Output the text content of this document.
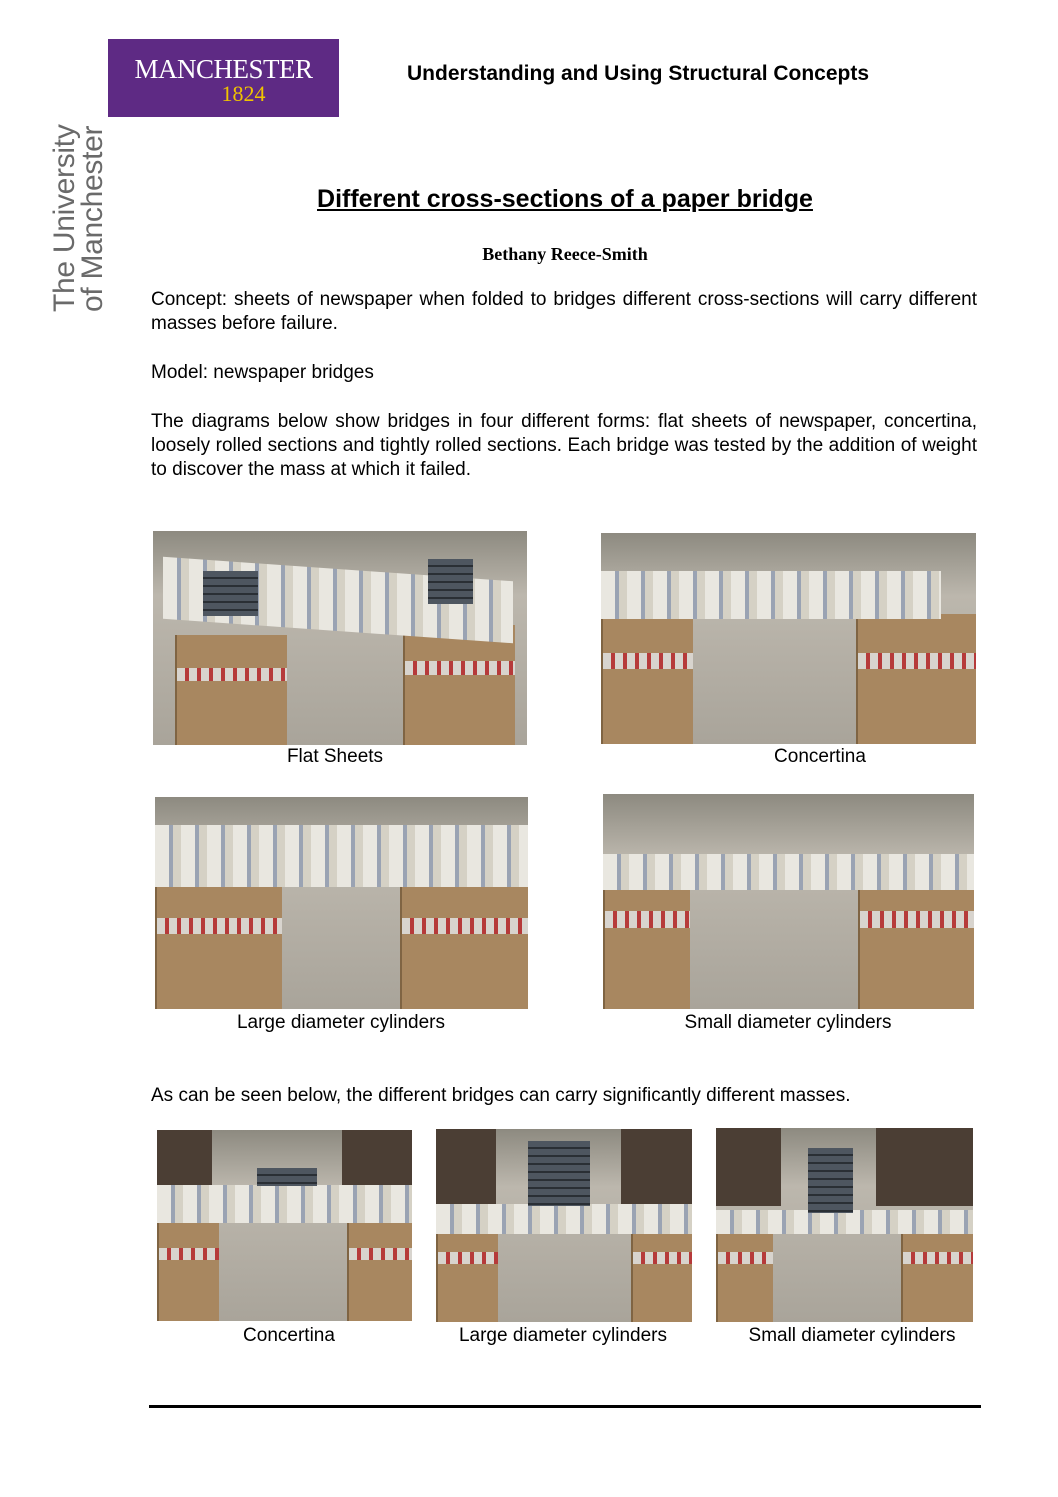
MANCHESTER
1824
The University
of Manchester
Understanding and Using Structural Concepts
Different cross-sections of a paper bridge
Bethany Reece-Smith
Concept: sheets of newspaper when folded to bridges different cross-sections will carry different masses before failure.
Model: newspaper bridges
The diagrams below show bridges in four different forms: flat sheets of newspaper, concertina, loosely rolled sections and tightly rolled sections. Each bridge was tested by the addition of weight to discover the mass at which it failed.
Flat Sheets	Concertina
Large diameter cylinders	Small diameter cylinders
As can be seen below, the different bridges can carry significantly different masses.
Concertina	Large diameter cylinders	Small diameter cylinders
